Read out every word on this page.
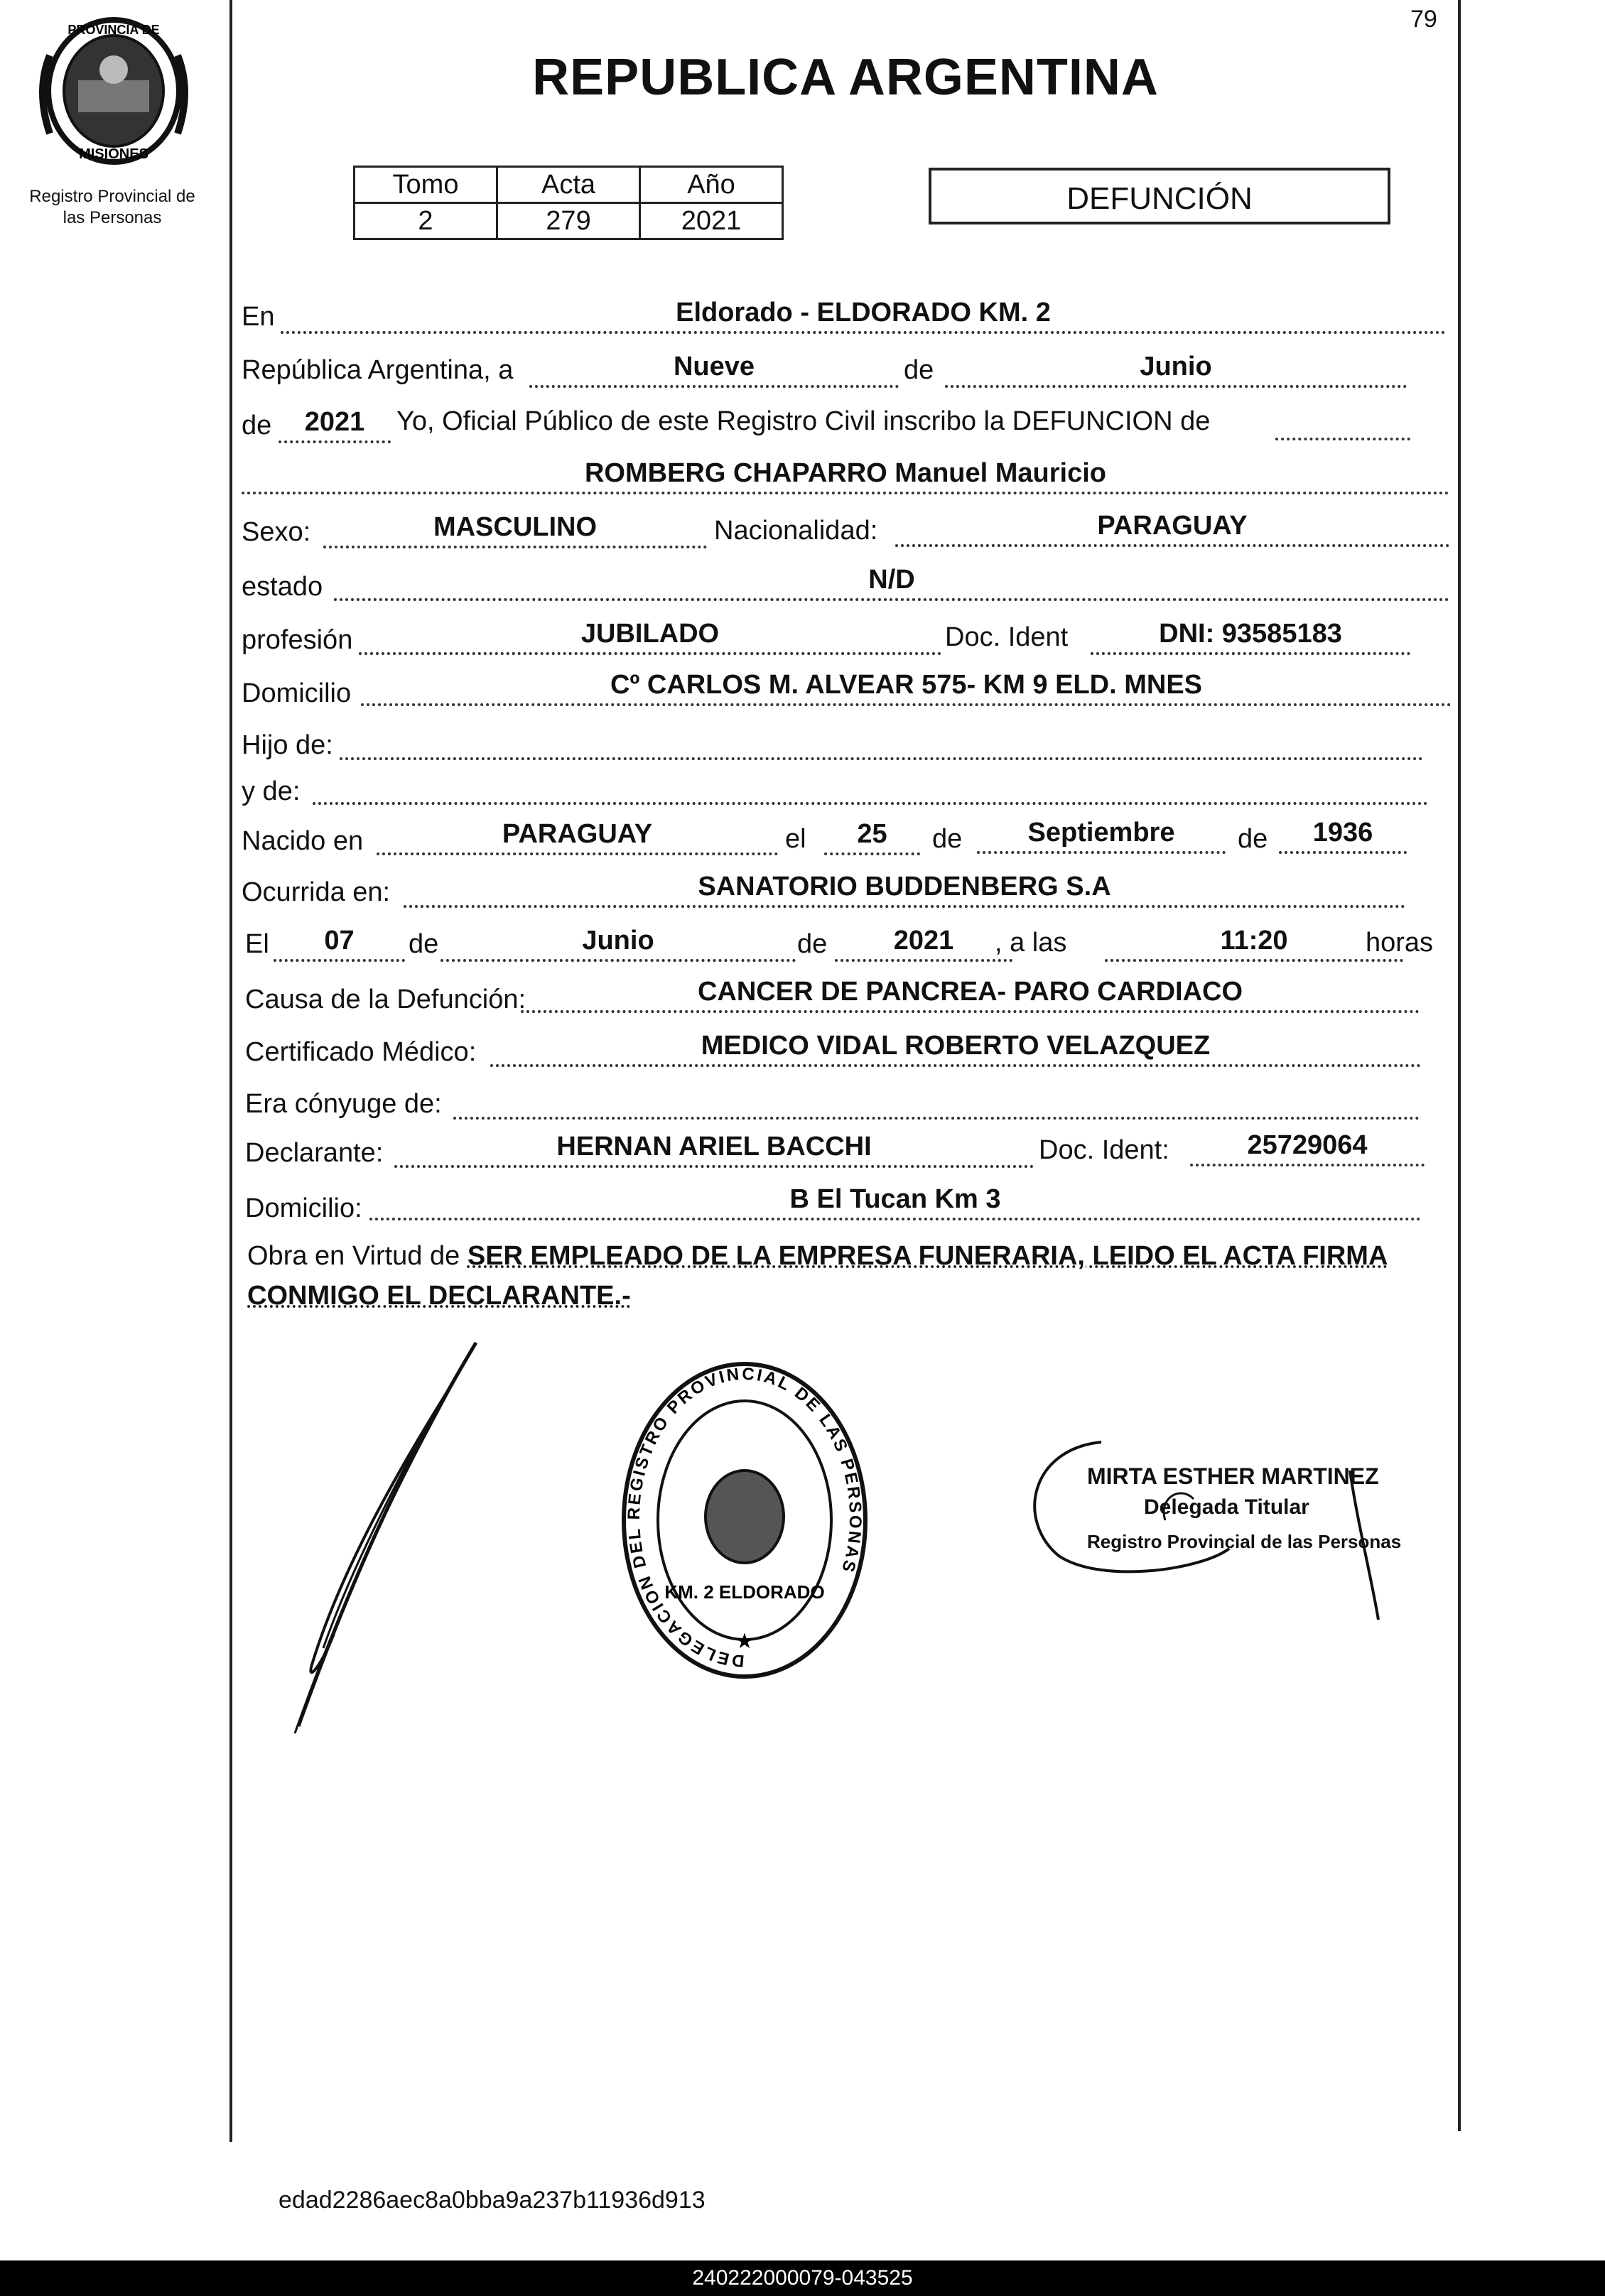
79
PROVINCIA DE
MISIONES
Registro Provincial de
las Personas
REPUBLICA ARGENTINA
Tomo	Acta	Año
2	279	2021
DEFUNCIÓN
En	Eldorado - ELDORADO KM. 2
República Argentina, a	Nueve	de	Junio
de	2021	Yo, Oficial Público de este Registro Civil inscribo la DEFUNCION de
ROMBERG CHAPARRO Manuel Mauricio
Sexo:	MASCULINO	Nacionalidad:	PARAGUAY
estado	N/D
profesión	JUBILADO	Doc. Ident	DNI: 93585183
Domicilio	Cº CARLOS M. ALVEAR 575- KM 9 ELD. MNES
Hijo de:
y de:
Nacido en	PARAGUAY	el	25	de	Septiembre	de	1936
Ocurrida en:	SANATORIO BUDDENBERG S.A
El	07	de	Junio	de	2021	, a las	11:20	horas
Causa de la Defunción:	CANCER DE PANCREA- PARO CARDIACO
Certificado Médico:	MEDICO VIDAL ROBERTO VELAZQUEZ
Era cónyuge de:
Declarante:	HERNAN ARIEL BACCHI	Doc. Ident:	25729064
Domicilio:	B El Tucan Km 3
Obra en Virtud de SER EMPLEADO DE LA EMPRESA FUNERARIA, LEIDO EL ACTA FIRMA CONMIGO EL DECLARANTE.-
DELEGACION DEL REGISTRO PROVINCIAL DE LAS PERSONAS
KM. 2 ELDORADO
★
MIRTA ESTHER MARTINEZ
Delegada Titular
Registro Provincial de las Personas
edad2286aec8a0bba9a237b11936d913
240222000079-043525
